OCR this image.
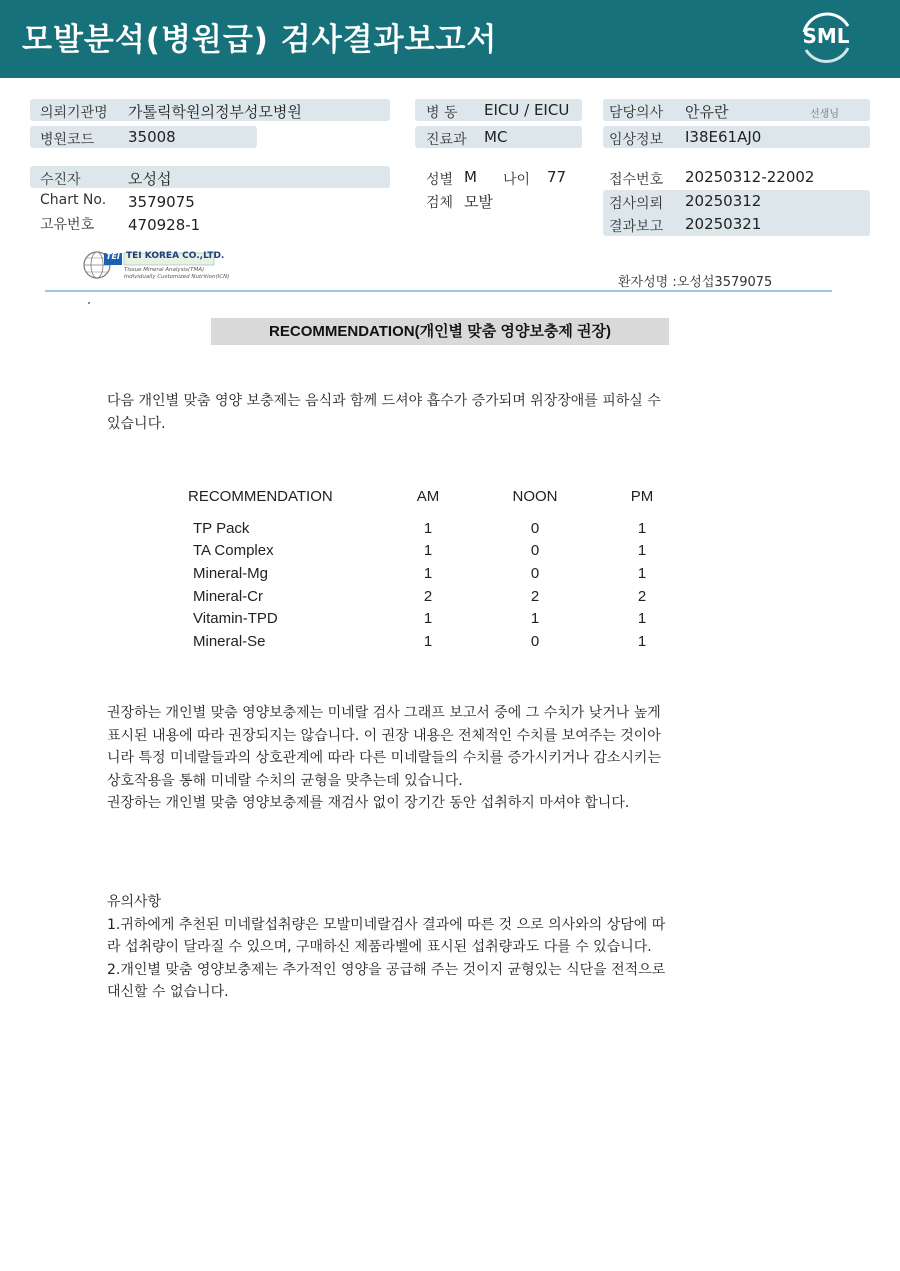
모발분석(병원급) 검사결과보고서	SML
의뢰기관명 가톨릭학원의정부성모병원
병원코드 35008
병 동 EICU / EICU
진료과 MC
담당의사 안유란	선생님
임상정보 I38E61AJ0
수진자	오성섭
Chart No. 3579075
고유번호 470928-1
성별 M 나이 77
검체 모발
접수번호 20250312-22002
검사의뢰 20250312
결과보고 20250321
TEI TEI KOREA CO.,LTD.
Tissue Mineral Analysis(TMA)
Individually Customized Nutrition(ICN)	환자성명 :오성섭3579075
RECOMMENDATION(개인별 맞춤 영양보충제 권장)
다음 개인별 맞춤 영양 보충제는 음식과 함께 드셔야 흡수가 증가되며 위장장애를 피하실 수
있습니다.
RECOMMENDATION	AM	NOON	PM
TP Pack	1	0	1
TA Complex	1	0	1
Mineral-Mg	1	0	1
Mineral-Cr	2	2	2
Vitamin-TPD	1	1	1
Mineral-Se	1	0	1
권장하는 개인별 맞춤 영양보충제는 미네랄 검사 그래프 보고서 중에 그 수치가 낮거나 높게
표시된 내용에 따라 권장되지는 않습니다. 이 권장 내용은 전체적인 수치를 보여주는 것이아
니라 특정 미네랄들과의 상호관계에 따라 다른 미네랄들의 수치를 증가시키거나 감소시키는
상호작용을 통해 미네랄 수치의 균형을 맞추는데 있습니다.
권장하는 개인별 맞춤 영양보충제를 재검사 없이 장기간 동안 섭취하지 마셔야 합니다.
유의사항
1.귀하에게 추천된 미네랄섭취량은 모발미네랄검사 결과에 따른 것 으로 의사와의 상담에 따
라 섭취량이 달라질 수 있으며, 구매하신 제품라벨에 표시된 섭취량과도 다를 수 있습니다.
2.개인별 맞춤 영양보충제는 추가적인 영양을 공급해 주는 것이지 균형있는 식단을 전적으로
대신할 수 없습니다.
